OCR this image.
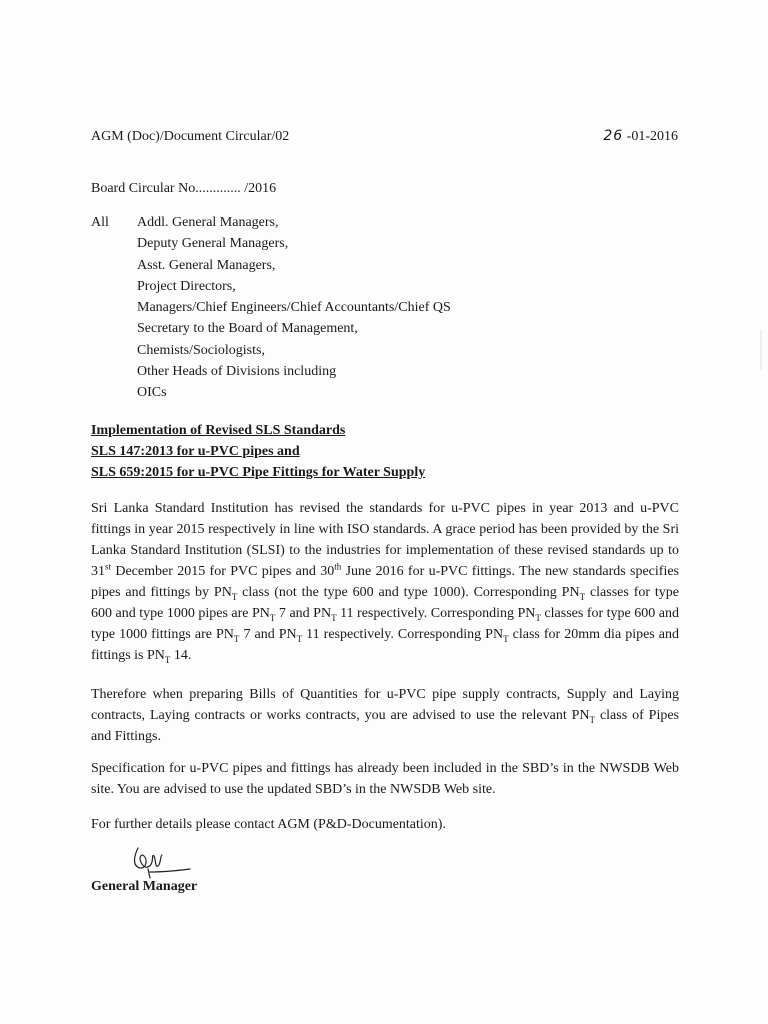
AGM (Doc)/Document Circular/02	26 -01-2016
Board Circular No............. /2016
All Addl. General Managers,
Deputy General Managers,
Asst. General Managers,
Project Directors,
Managers/Chief Engineers/Chief Accountants/Chief QS
Secretary to the Board of Management,
Chemists/Sociologists,
Other Heads of Divisions including
OICs
Implementation of Revised SLS Standards
SLS 147:2013 for u-PVC pipes and
SLS 659:2015 for u-PVC Pipe Fittings for Water Supply
Sri Lanka Standard Institution has revised the standards for u-PVC pipes in year 2013 and u-PVC fittings in year 2015 respectively in line with ISO standards. A grace period has been provided by the Sri Lanka Standard Institution (SLSI) to the industries for implementation of these revised standards up to 31st December 2015 for PVC pipes and 30th June 2016 for u-PVC fittings. The new standards specifies pipes and fittings by $PN_T$ class (not the type 600 and type 1000). Corresponding $PN_T$ classes for type 600 and type 1000 pipes are $PN_T$ 7 and $PN_T$ 11 respectively. Corresponding $PN_T$ classes for type 600 and type 1000 fittings are $PN_T$ 7 and $PN_T$ 11 respectively. Corresponding $PN_T$ class for 20mm dia pipes and fittings is $PN_T$ 14.
Therefore when preparing Bills of Quantities for u-PVC pipe supply contracts, Supply and Laying contracts, Laying contracts or works contracts, you are advised to use the relevant $PN_T$ class of Pipes and Fittings.
Specification for u-PVC pipes and fittings has already been included in the SBD’s in the NWSDB Web site. You are advised to use the updated SBD’s in the NWSDB Web site.
For further details please contact AGM (P&D-Documentation).
General Manager
